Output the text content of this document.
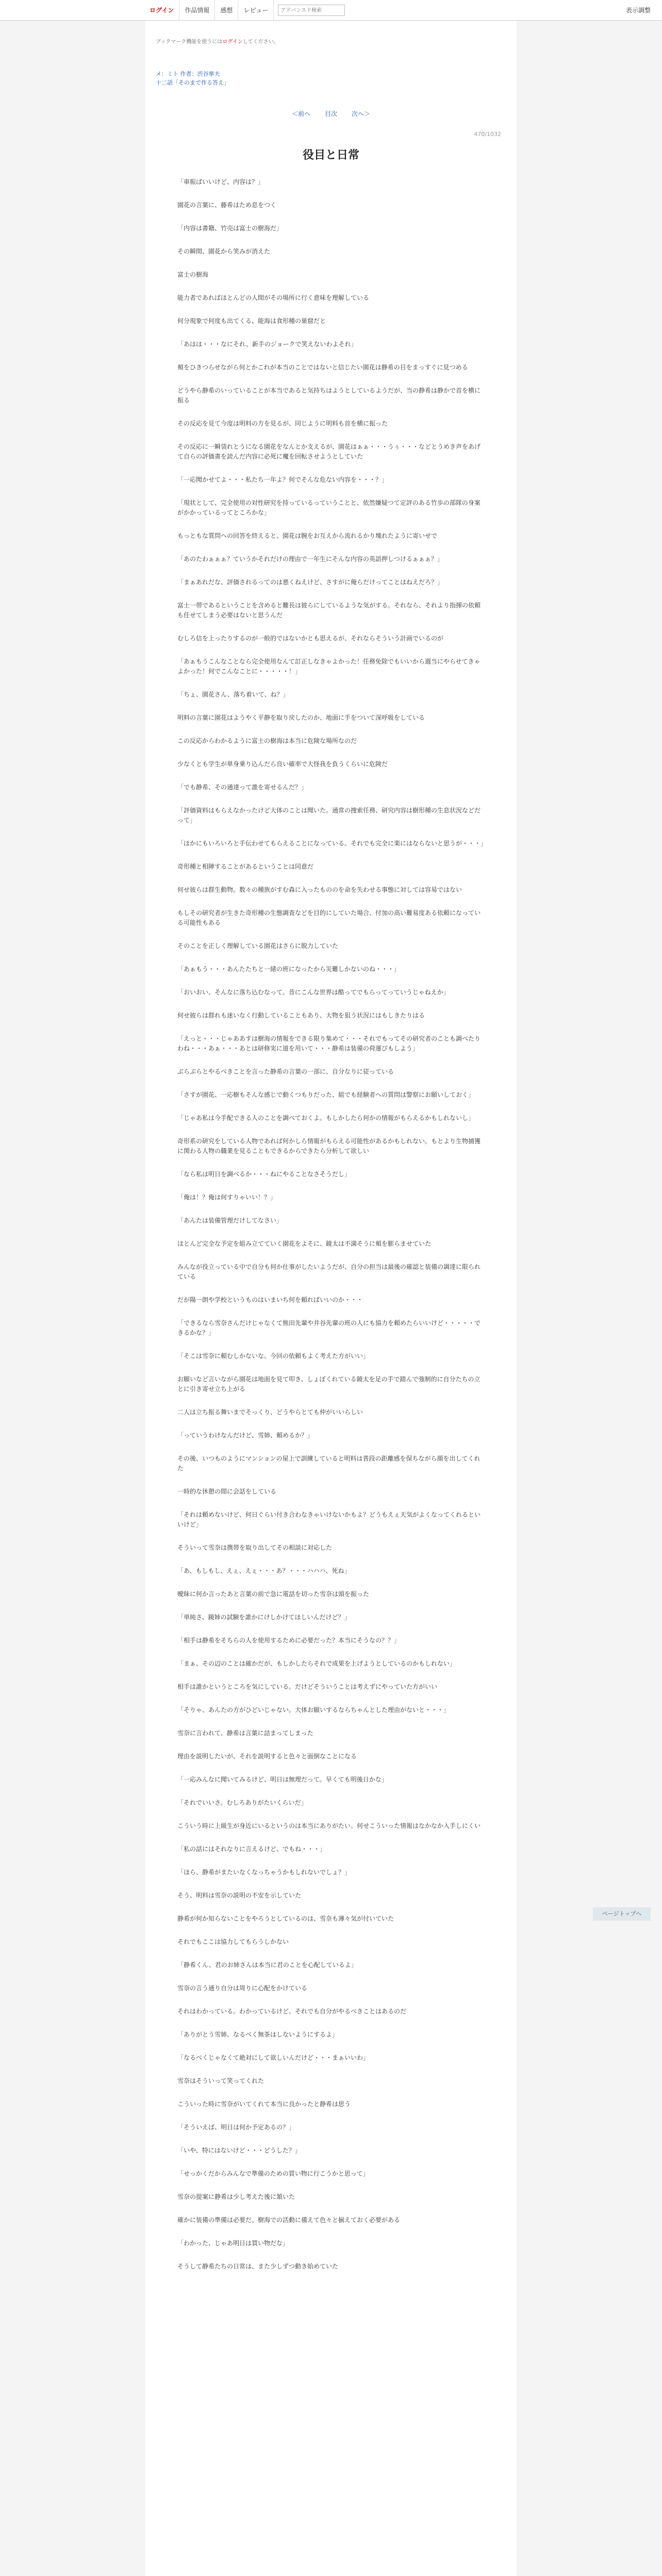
ログイン	作品情報	感想	レビュー
アドバンスド検索	表示調整
ブックマーク機能を使うにはログインしてください。
メ：ミト 作者：渋谷寧夫
十二話「そのまで作る答え」
＜前へ 目次 次へ＞
470/1032
役目と日常

「車振ばいいけど、内容は？」

園花の言葉に、藤希はため息をつく

「内容は書籍、竹売は富士の樹海だ」

その瞬間、園花から笑みが消えた

富士の樹海

能力者であればほとんどの人間がその場所に行く意味を理解している

何分現象で何度も出てくる、能海は食形種の巣窟だと

「あはは・・・なにそれ、新手のジョークで笑えないわよそれ」

頬をひきつらせながら何とかこれが本当のことではないと信じたい園花は静希の目をまっすぐに見つめる

どうやら静希のいっていることが本当であると気持ちはようとしているようだが、当の静希は静かで首を横に振る

その反応を見て今度は明料の方を見るが、同じように明料も首を横に振った

その反応に一瞬袋れとうになる園花をなんとか支えるが、園花はぁぁ・・・うぅ・・・などとうめき声をあげて自らの評価書を読んだ内容に必死に魔を回転させようとしていた

「一応聞かせてよ・・・私たち一年よ？何でそんな危ない内容を・・・？」

「現状として、完全使用の対性研究を持っているっていうことと、依然嫌疑つて定評のある竹歩の部隊の身案がかかっているってところかな」

もっともな質問への回答を終えると、園花は腕をお互えから流れるかり塊れたように寄いせで

「あのたわぁぁぁ？ていうかそれだけの理由で一年生にそんな内容の英語押しつけるぁぁぁ？」

「まぁあれだな、評価されるってのは悪くねえけど、さすがに俺らだけってことはねえだろ？」

富士一帯であるということを含めると難長は彼らにしているような気がする。それなら、それより指揮の依頼も任せてしまう必要はないと思うんだ

むしろ信を上ったりするのが一般的ではないかとも思えるが、それならそういう計画でいるのが

「あぁもうこんなことなら完全使用なんて訂正しなきゃよかった！任務免除でもいいから週当にやらせてきゃよかった！何でこんなことに・・・・・！」

「ちょ、園花さん、落ち着いて、ね？」

明料の言葉に園花はようやく平静を取り戻したのか、地面に手をついて深呼吸をしている

この反応からわかるように富士の樹海は本当に危険な場所なのだ

少なくとも学生が単身乗り込んだら良い確率で大怪我を負うくらいに危険だ

「でも静希、その通達って誰を寄せるんだ？」

「評価資料はもらえなかったけど大体のことは聞いた。通常の捜索任務、研究内容は樹形種の生息状況などだって」

「ほかにもいろいろと手伝わせてもらえることになっている。それでも完全に楽にはならないと思うが・・・」

奇形種と相陣することがあるということは同意だ

何せ彼らは群生動物。数々の種族がすむ森に入ったもののを命を失わせる事態に対しては容易ではない

もしその研究者が生きた奇形種の生態調査などを目的にしていた場合、付加の高い難易度ある依頼になっている可能性もある

そのことを正しく理解している園花はさらに脱力していた

「あぁもう・・・あんたたちと一緒の班になったから災難しかないのね・・・」

「おいおい、そんなに落ち込むなって。昔にこんな世界は酷ってでもらってっていうじゃねえか」

何せ彼らは群れも迷いなく行動していることもあり、大物を狙う状況にはもしきたりはる

「えっと・・・じゃああすは樹海の情報をできる限り集めて・・・それでもってその研究者のことも調べたりわね・・・あぁ・・・あとは研修実に道を用いて・・・静希は装備の荷運びもしよう」

ぶらぶらとやるべきことを言った静希の言葉の一部に、自分なりに従っている

「さすが園花、一応樹もそんな感じで動くつもりだった、組でも経験者への質問は警察にお願いしておく」

「じゃあ私は今手配できる人のことを調べておくよ。もしかしたら何かの情報がもらえるかもしれないし」

奇形系の研究をしている人物であれば何かしら情報がもらえる可能性があるかもしれない。もとより生物捕獲に関わる人物の職業を見ることもできるからできたら分析して欲しい

「なら私は明日を調べるか・・・ねにやることなさそうだし」

「俺は！？俺は何すりゃいい！？」

「あんたは装備管理だけしてなさい」

ほとんど完全な予定を組み立てていく園花をよそに、鏡太は不満そうに頬を膨らませていた

みんなが役立っている中で自分も何か仕事がしたいようだが、自分の担当は最後の確認と装備の調達に限られている

だが陽一朗や学校というものはいまいち何を頼ればいいのか・・・

「できるなら雪奈さんだけじゃなくて熊田先輩や井谷先輩の班の人にも協力を頼めたらいいけど・・・・・できるかな？」

「そこは雪奈に頼むしかないな。今回の依頼もよく考えた方がいい」

お願いなど言いながら園花は地面を見て叩き、しょぼくれている鏡太を足の手で踏んで強制的に自分たちの立とに引き寄せ立ち上がる

二人は立ち振る舞いまでそっくり、どうやらとても仲がいいらしい

「っていうわけなんだけど、雪姉、頼めるか？」

その後、いつものようにマンションの屋上で訓練していると明料は普段の距離感を保ちながら顔を出してくれた

一時的な休憩の間に会話をしている

「それは頼めないけど、何日ぐらい付き合わなきゃいけないかもよ？どうもえぇ天気がよくなってくれるといいけど」

そういって雪奈は携帯を取り出してその相談に対応した

「あ、もしもし、えぇ、えぇ・・・あ？・・・ハハハ、死ね」

曖昧に何か言ったあと言葉の前で急に電話を切った雪奈は頭を振った

「単純さ、鏡姉の試験を誰かにけしかけてほしいんだけど？」

「相手は静希をそちらの人を使用するために必要だった？本当にそうなの？？」

「まぁ、その辺のことは確かだが、もしかしたらそれで成果を上げようとしているのかもしれない」

相手は誰かというところを気にしている。だけどそういうことは考えずにやっていた方がいい

「そりゃ、あんたの方がひどいじゃない。大体お願いするならちゃんとした理由がないと・・・」

雪奈に言われて、静希は言葉に詰まってしまった

理由を説明したいが、それを説明すると色々と面倒なことになる

「一応みんなに聞いてみるけど、明日は無理だって。早くても明後日かな」

「それでいいさ。むしろありがたいくらいだ」

こういう時に上級生が身近にいるというのは本当にありがたい。何せこういった情報はなかなか入手しにくい

「私の話にはそれなりに言えるけど、でもね・・・」

「ほら、静希がまたいなくなっちゃうかもしれないでしょ？」

そう、明料は雪奈の説明の不安を示していた

静希が何か知らないことをやろうとしているのは、雪奈も薄々気が付いていた

それでもここは協力してもらうしかない

「静希くん、君のお姉さんは本当に君のことを心配しているよ」

雪奈の言う通り自分は周りに心配をかけている

それはわかっている。わかっているけど、それでも自分がやるべきことはあるのだ

「ありがとう雪姉、なるべく無茶はしないようにするよ」

「なるべくじゃなくて絶対にして欲しいんだけど・・・まぁいいわ」

雪奈はそういって笑ってくれた

こういった時に雪奈がいてくれて本当に良かったと静希は思う

「そういえば、明日は何か予定あるの？」

「いや、特にはないけど・・・どうした？」

「せっかくだからみんなで準備のための買い物に行こうかと思って」

雪奈の提案に静希は少し考えた後に頷いた

確かに装備の準備は必要だ。樹海での活動に備えて色々と揃えておく必要がある

「わかった、じゃあ明日は買い物だな」

そうして静希たちの日常は、また少しずつ動き始めていた

ページトップへ
